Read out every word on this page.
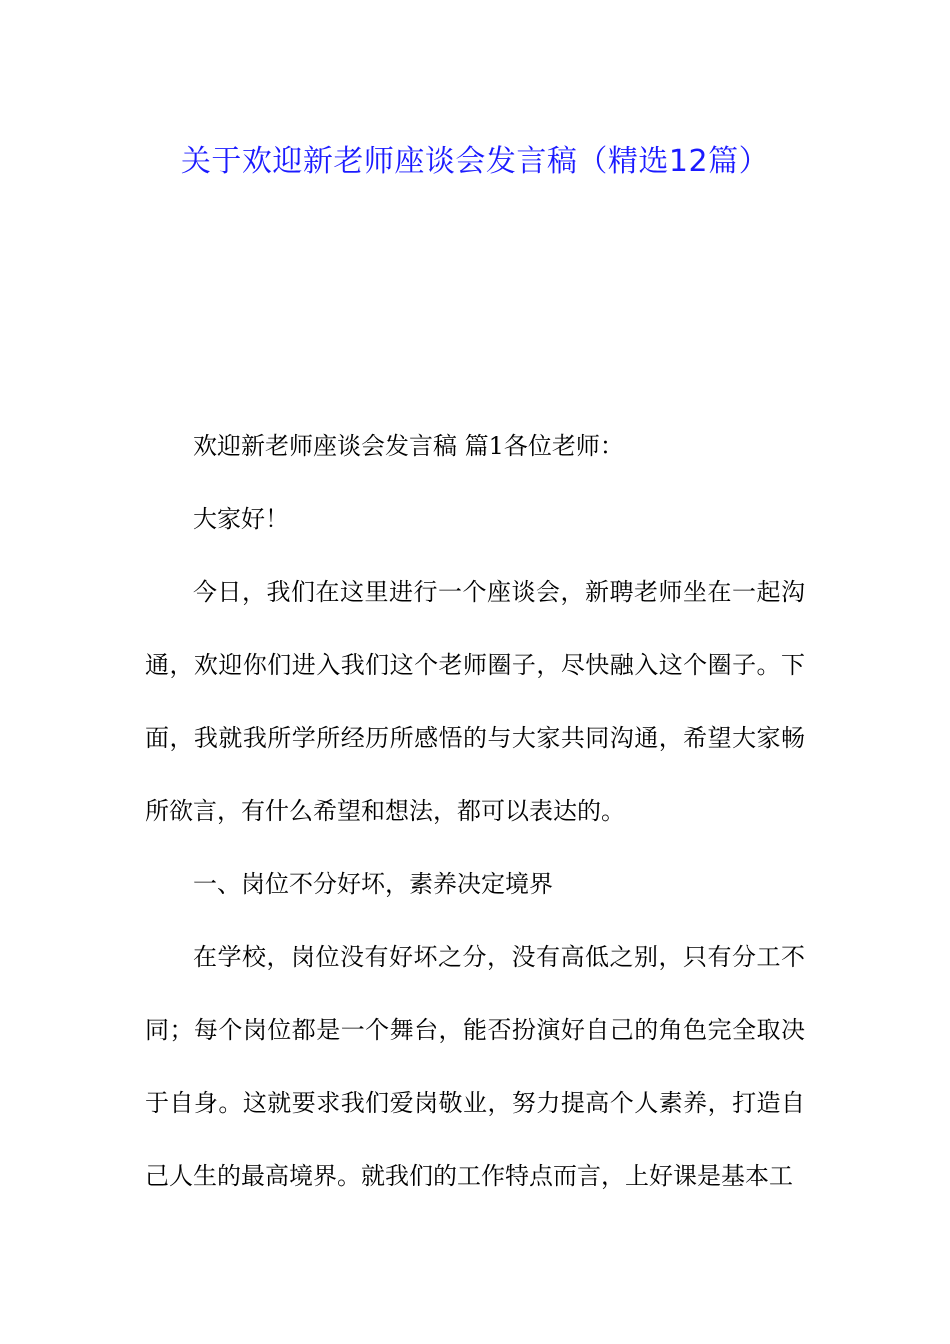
关于欢迎新老师座谈会发言稿（精选12篇）

欢迎新老师座谈会发言稿 篇1各位老师：

大家好！

今日，我们在这里进行一个座谈会，新聘老师坐在一起沟通，欢迎你们进入我们这个老师圈子，尽快融入这个圈子。下面，我就我所学所经历所感悟的与大家共同沟通，希望大家畅所欲言，有什么希望和想法，都可以表达的。

一、岗位不分好坏，素养决定境界

在学校，岗位没有好坏之分，没有高低之别，只有分工不同；每个岗位都是一个舞台，能否扮演好自己的角色完全取决于自身。这就要求我们爱岗敬业，努力提高个人素养，打造自己人生的最高境界。就我们的工作特点而言，上好课是基本工
